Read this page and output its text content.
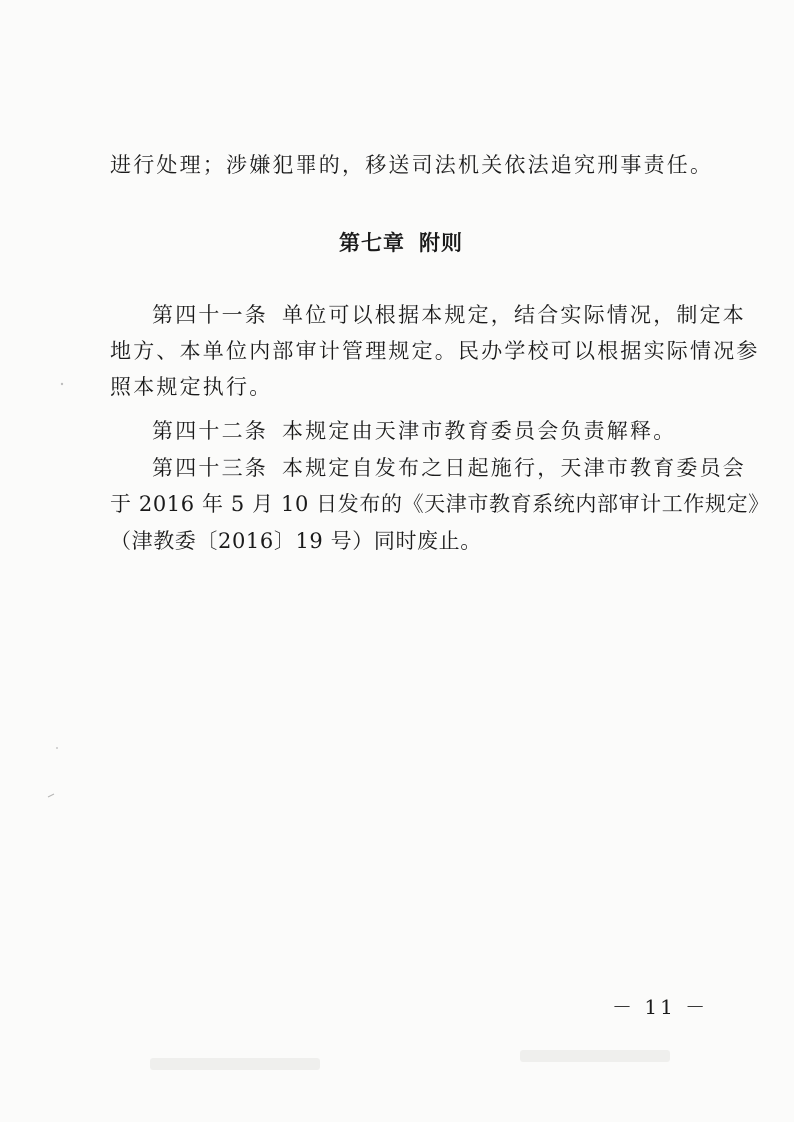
进行处理；涉嫌犯罪的，移送司法机关依法追究刑事责任。
第七章 附则
第四十一条 单位可以根据本规定，结合实际情况，制定本
地方、本单位内部审计管理规定。民办学校可以根据实际情况参
照本规定执行。
第四十二条 本规定由天津市教育委员会负责解释。
第四十三条 本规定自发布之日起施行，天津市教育委员会
于 2016 年 5 月 10 日发布的《天津市教育系统内部审计工作规定》
（津教委〔2016〕19 号）同时废止。
－ 11 －
